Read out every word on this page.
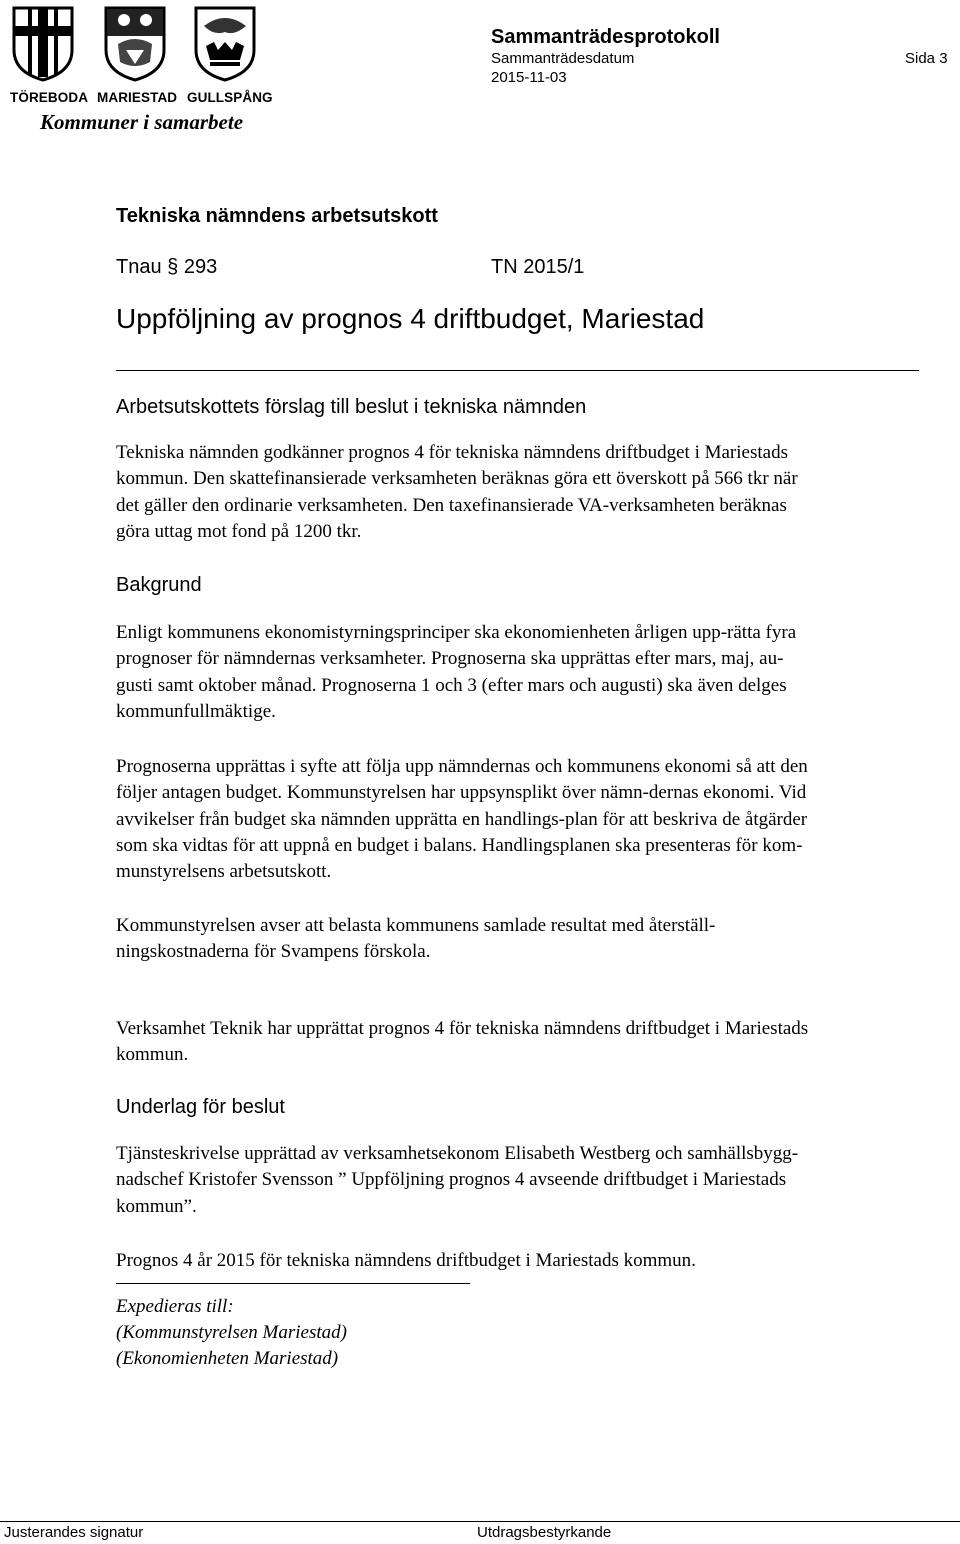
TÖREBODA MARIESTAD GULLSPÅNG
Kommuner i samarbete
Sammanträdesprotokoll
Sammanträdesdatum
2015-11-03
Sida 3
Tekniska nämndens arbetsutskott
Tnau § 293	TN 2015/1
Uppföljning av prognos 4 driftbudget, Mariestad
Arbetsutskottets förslag till beslut i tekniska nämnden
Tekniska nämnden godkänner prognos 4 för tekniska nämndens driftbudget i Mariestads
kommun. Den skattefinansierade verksamheten beräknas göra ett överskott på 566 tkr när
det gäller den ordinarie verksamheten. Den taxefinansierade VA-verksamheten beräknas
göra uttag mot fond på 1200 tkr.
Bakgrund
Enligt kommunens ekonomistyrningsprinciper ska ekonomienheten årligen upp-rätta fyra
prognoser för nämndernas verksamheter. Prognoserna ska upprättas efter mars, maj, au-
gusti samt oktober månad. Prognoserna 1 och 3 (efter mars och augusti) ska även delges
kommunfullmäktige.
Prognoserna upprättas i syfte att följa upp nämndernas och kommunens ekonomi så att den
följer antagen budget. Kommunstyrelsen har uppsynsplikt över nämn-dernas ekonomi. Vid
avvikelser från budget ska nämnden upprätta en handlings-plan för att beskriva de åtgärder
som ska vidtas för att uppnå en budget i balans. Handlingsplanen ska presenteras för kom-
munstyrelsens arbetsutskott.
Kommunstyrelsen avser att belasta kommunens samlade resultat med återställ-
ningskostnaderna för Svampens förskola.
Verksamhet Teknik har upprättat prognos 4 för tekniska nämndens driftbudget i Mariestads
kommun.
Underlag för beslut
Tjänsteskrivelse upprättad av verksamhetsekonom Elisabeth Westberg och samhällsbygg-
nadschef Kristofer Svensson ” Uppföljning prognos 4 avseende driftbudget i Mariestads
kommun”.
Prognos 4 år 2015 för tekniska nämndens driftbudget i Mariestads kommun.
Expedieras till:
(Kommunstyrelsen Mariestad)
(Ekonomienheten Mariestad)
Justerandes signatur	Utdragsbestyrkande
